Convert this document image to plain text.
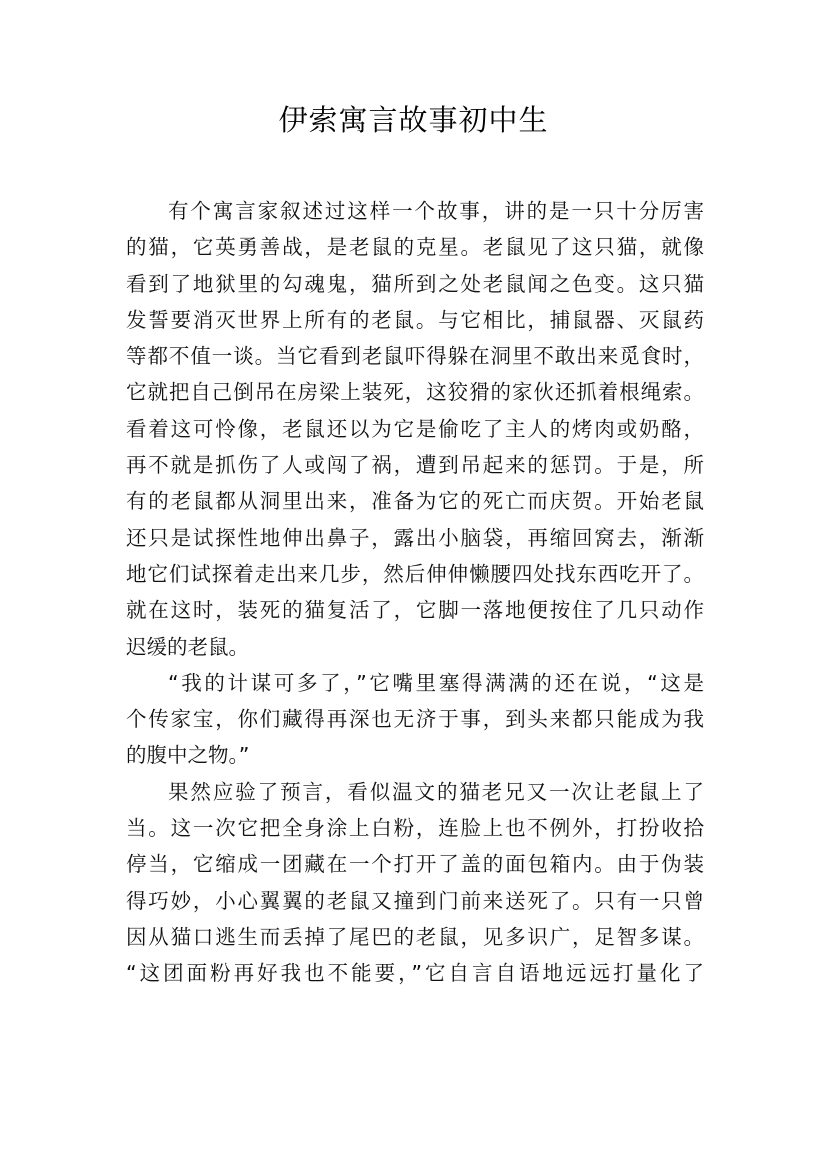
伊索寓言故事初中生
有个寓言家叙述过这样一个故事，讲的是一只十分厉害
的猫，它英勇善战，是老鼠的克星。老鼠见了这只猫，就像
看到了地狱里的勾魂鬼，猫所到之处老鼠闻之色变。这只猫
发誓要消灭世界上所有的老鼠。与它相比，捕鼠器、灭鼠药
等都不值一谈。当它看到老鼠吓得躲在洞里不敢出来觅食时，
它就把自己倒吊在房梁上装死，这狡猾的家伙还抓着根绳索。
看着这可怜像，老鼠还以为它是偷吃了主人的烤肉或奶酪，
再不就是抓伤了人或闯了祸，遭到吊起来的惩罚。于是，所
有的老鼠都从洞里出来，准备为它的死亡而庆贺。开始老鼠
还只是试探性地伸出鼻子，露出小脑袋，再缩回窝去，渐渐
地它们试探着走出来几步，然后伸伸懒腰四处找东西吃开了。
就在这时，装死的猫复活了，它脚一落地便按住了几只动作
迟缓的老鼠。
“我的计谋可多了，”它嘴里塞得满满的还在说，“这是
个传家宝，你们藏得再深也无济于事，到头来都只能成为我
的腹中之物。”
果然应验了预言，看似温文的猫老兄又一次让老鼠上了
当。这一次它把全身涂上白粉，连脸上也不例外，打扮收拾
停当，它缩成一团藏在一个打开了盖的面包箱内。由于伪装
得巧妙，小心翼翼的老鼠又撞到门前来送死了。只有一只曾
因从猫口逃生而丢掉了尾巴的老鼠，见多识广，足智多谋。
“这团面粉再好我也不能要，”它自言自语地远远打量化了
